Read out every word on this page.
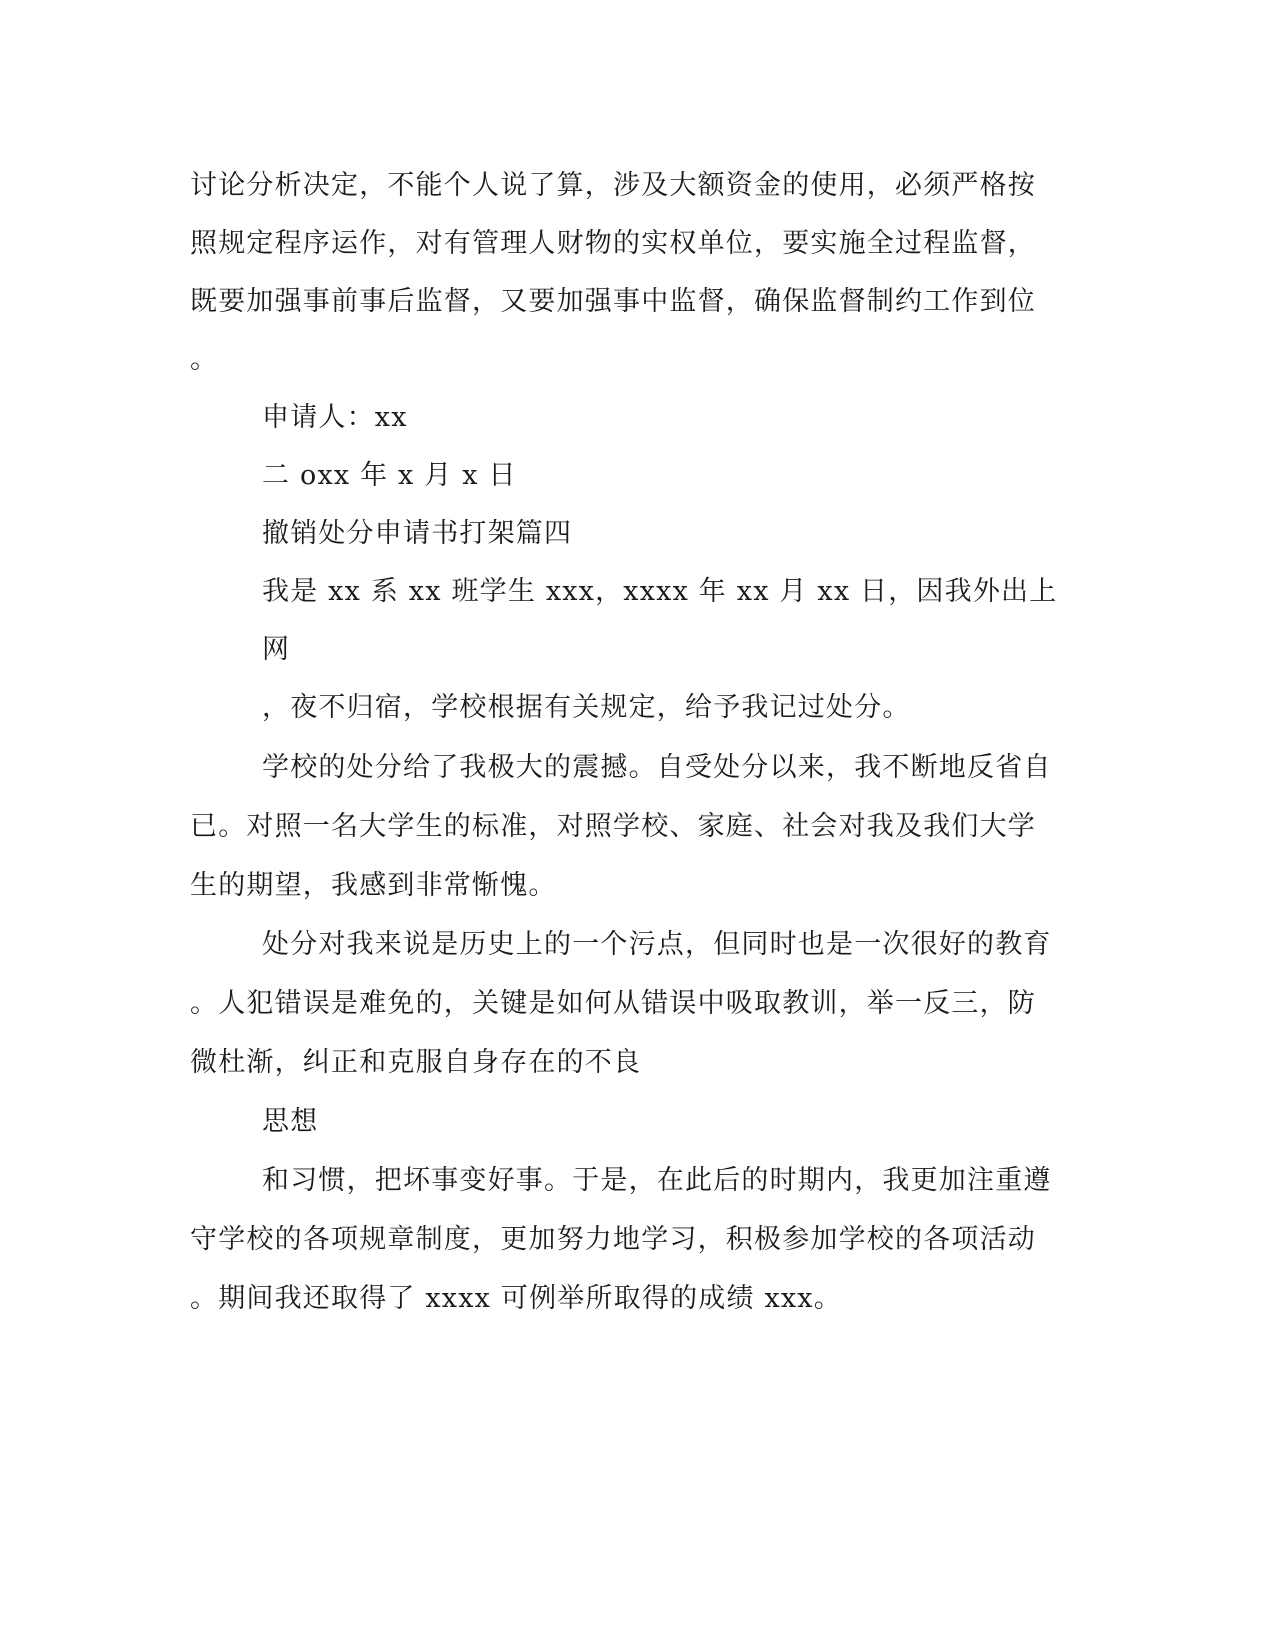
讨论分析决定，不能个人说了算，涉及大额资金的使用，必须严格按
照规定程序运作，对有管理人财物的实权单位，要实施全过程监督，
既要加强事前事后监督，又要加强事中监督，确保监督制约工作到位
。
申请人：xx
二 oxx 年 x 月 x 日
撤销处分申请书打架篇四
我是 xx 系 xx 班学生 xxx，xxxx 年 xx 月 xx 日，因我外出上
网
，夜不归宿，学校根据有关规定，给予我记过处分。
学校的处分给了我极大的震撼。自受处分以来，我不断地反省自
已。对照一名大学生的标准，对照学校、家庭、社会对我及我们大学
生的期望，我感到非常惭愧。
处分对我来说是历史上的一个污点，但同时也是一次很好的教育
。人犯错误是难免的，关键是如何从错误中吸取教训，举一反三，防
微杜渐，纠正和克服自身存在的不良
思想
和习惯，把坏事变好事。于是，在此后的时期内，我更加注重遵
守学校的各项规章制度，更加努力地学习，积极参加学校的各项活动
。期间我还取得了 xxxx 可例举所取得的成绩 xxx。
